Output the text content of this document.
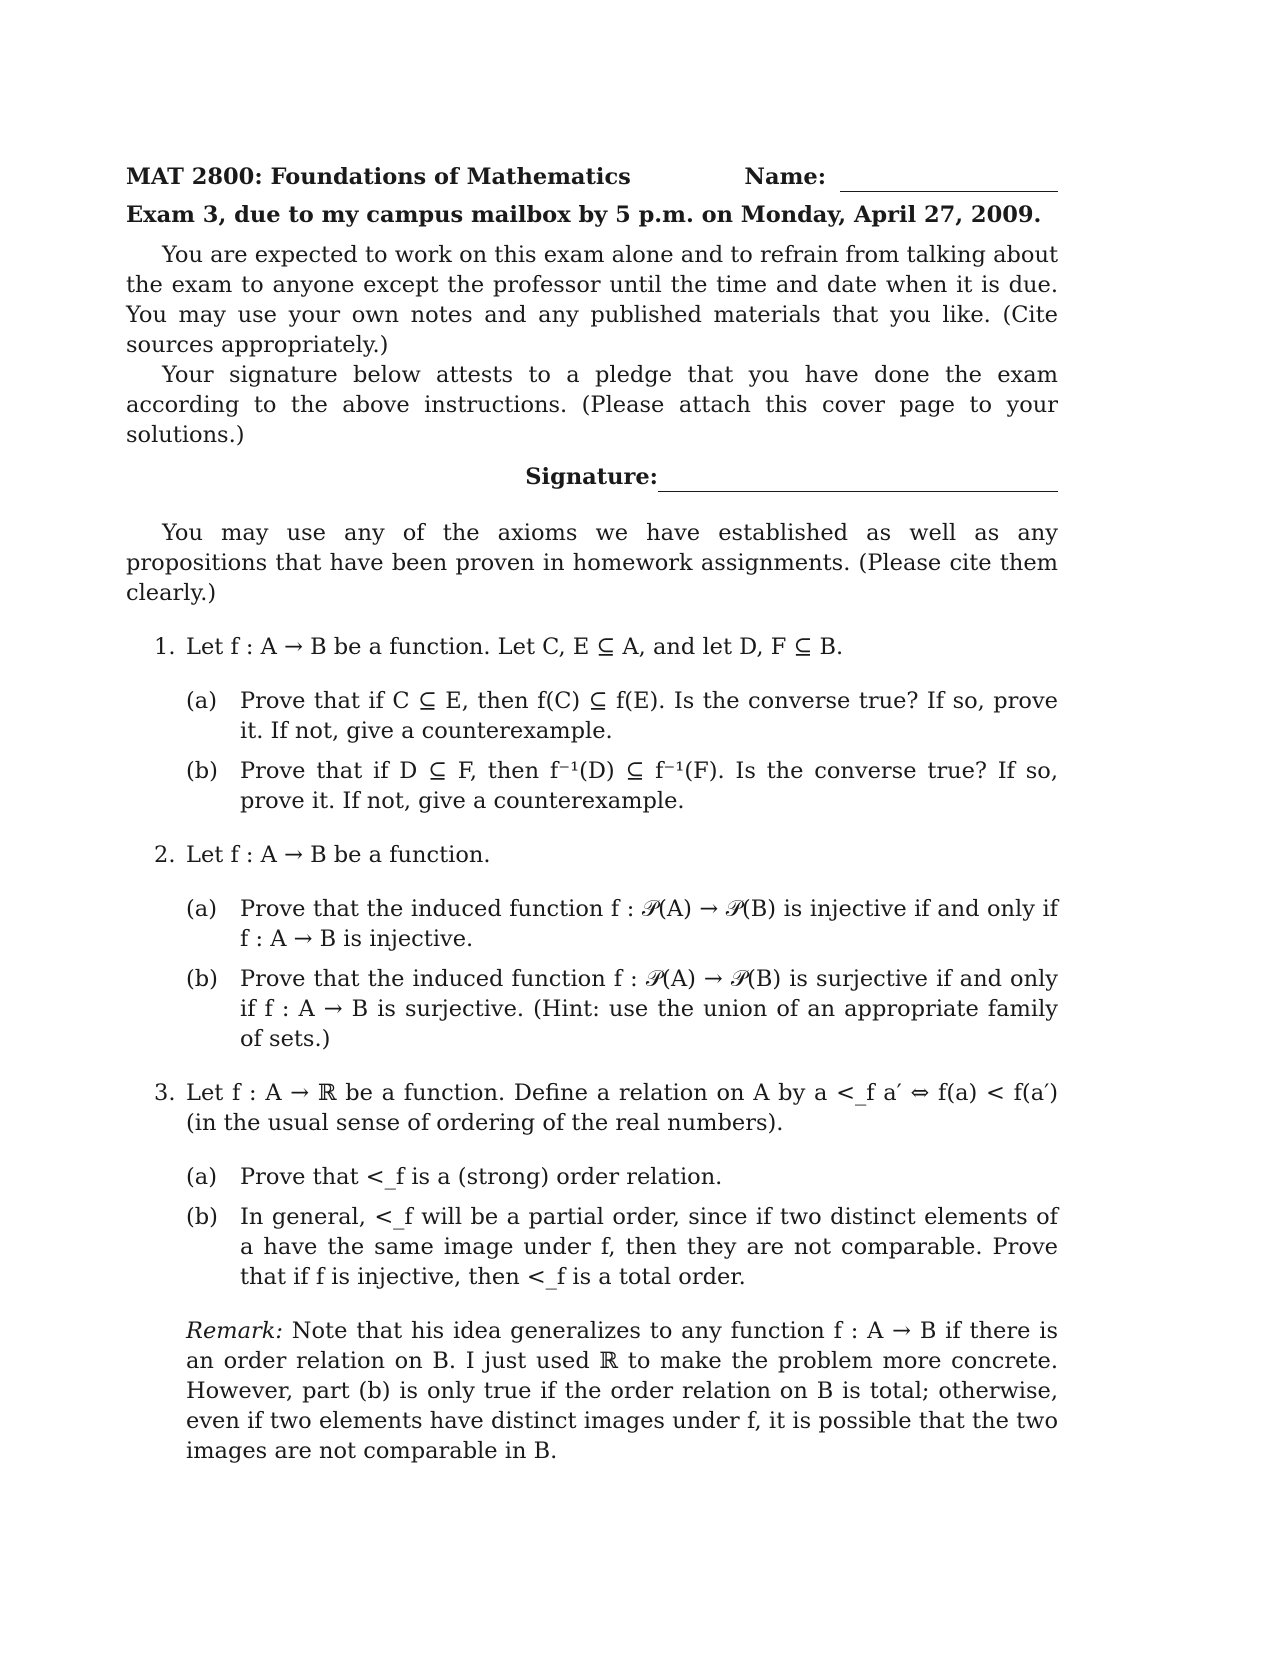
MAT 2800: Foundations of Mathematics	Name:
Exam 3, due to my campus mailbox by 5 p.m. on Monday, April 27, 2009.

You are expected to work on this exam alone and to refrain from talking about the exam to anyone except the professor until the time and date when it is due. You may use your own notes and any published materials that you like. (Cite sources appropriately.)

Your signature below attests to a pledge that you have done the exam according to the above instructions. (Please attach this cover page to your solutions.)

Signature:

You may use any of the axioms we have established as well as any propositions that have been proven in homework assignments. (Please cite them clearly.)

1. Let f : A → B be a function. Let C, E ⊆ A, and let D, F ⊆ B.

(a) Prove that if C ⊆ E, then f(C) ⊆ f(E). Is the converse true? If so, prove it. If not, give a counterexample.
(b) Prove that if D ⊆ F, then f⁻¹(D) ⊆ f⁻¹(F). Is the converse true? If so, prove it. If not, give a counterexample.
2. Let f : A → B be a function.

(a) Prove that the induced function f : 𝒫(A) → 𝒫(B) is injective if and only if f : A → B is injective.
(b) Prove that the induced function f : 𝒫(A) → 𝒫(B) is surjective if and only if f : A → B is surjective. (Hint: use the union of an appropriate family of sets.)
3. Let f : A → ℝ be a function. Define a relation on A by a <_f a′ ⇔ f(a) < f(a′) (in the usual sense of ordering of the real numbers).

(a) Prove that <_f is a (strong) order relation.
(b) In general, <_f will be a partial order, since if two distinct elements of a have the same image under f, then they are not comparable. Prove that if f is injective, then <_f is a total order.

Remark: Note that his idea generalizes to any function f : A → B if there is an order relation on B. I just used ℝ to make the problem more concrete. However, part (b) is only true if the order relation on B is total; otherwise, even if two elements have distinct images under f, it is possible that the two images are not comparable in B.
